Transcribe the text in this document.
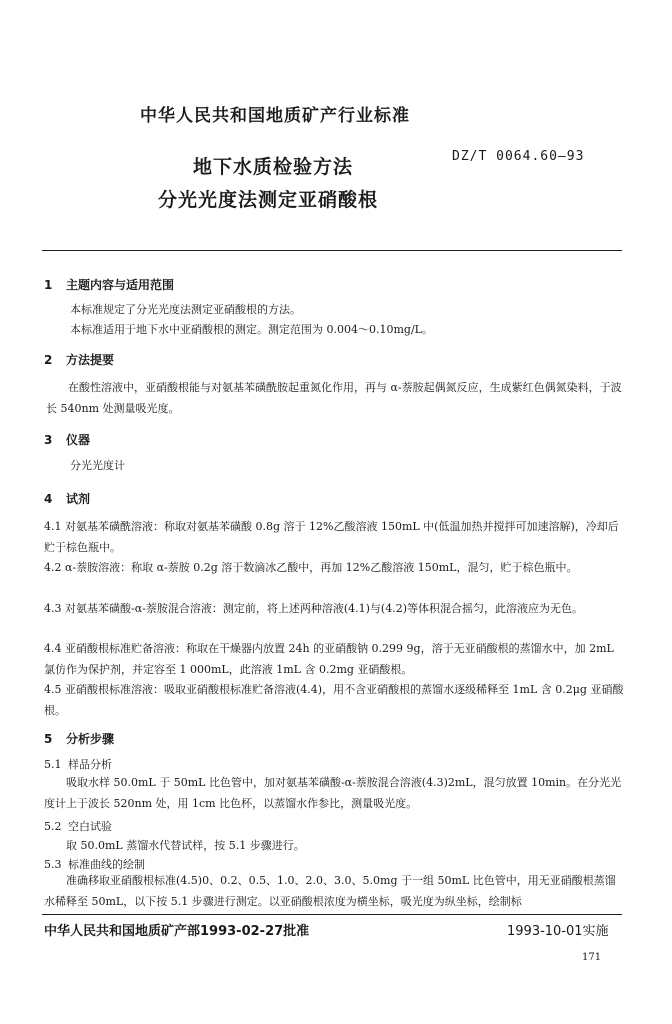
中华人民共和国地质矿产行业标准
地下水质检验方法
分光光度法测定亚硝酸根
DZ/T 0064.60—93
1 主题内容与适用范围
本标准规定了分光光度法测定亚硝酸根的方法。
本标准适用于地下水中亚硝酸根的测定。测定范围为 0.004～0.10mg/L。
2 方法提要
在酸性溶液中，亚硝酸根能与对氨基苯磺酰胺起重氮化作用，再与 α-萘胺起偶氮反应，生成紫红色偶氮染料，于波长 540nm 处测量吸光度。
3 仪器
分光光度计
4 试剂
4.1 对氨基苯磺酰溶液：称取对氨基苯磺酸 0.8g 溶于 12%乙酸溶液 150mL 中(低温加热并搅拌可加速溶解)，冷却后贮于棕色瓶中。
4.2 α-萘胺溶液：称取 α-萘胺 0.2g 溶于数滴冰乙酸中，再加 12%乙酸溶液 150mL，混匀，贮于棕色瓶中。
4.3 对氨基苯磺酸-α-萘胺混合溶液：测定前，将上述两种溶液(4.1)与(4.2)等体积混合摇匀，此溶液应为无色。
4.4 亚硝酸根标准贮备溶液：称取在干燥器内放置 24h 的亚硝酸钠 0.299 9g，溶于无亚硝酸根的蒸馏水中，加 2mL 氯仿作为保护剂，并定容至 1 000mL，此溶液 1mL 含 0.2mg 亚硝酸根。
4.5 亚硝酸根标准溶液：吸取亚硝酸根标准贮备溶液(4.4)，用不含亚硝酸根的蒸馏水逐级稀释至 1mL 含 0.2μg 亚硝酸根。
5 分析步骤
5.1 样品分析
吸取水样 50.0mL 于 50mL 比色管中，加对氨基苯磺酸-α-萘胺混合溶液(4.3)2mL，混匀放置 10min。在分光光度计上于波长 520nm 处，用 1cm 比色杯，以蒸馏水作参比，测量吸光度。
5.2 空白试验
取 50.0mL 蒸馏水代替试样，按 5.1 步骤进行。
5.3 标准曲线的绘制
准确移取亚硝酸根标准(4.5)0、0.2、0.5、1.0、2.0、3.0、5.0mg 于一组 50mL 比色管中，用无亚硝酸根蒸馏水稀释至 50mL，以下按 5.1 步骤进行测定。以亚硝酸根浓度为横坐标，吸光度为纵坐标，绘制标
中华人民共和国地质矿产部1993-02-27批准	1993-10-01实施
171
